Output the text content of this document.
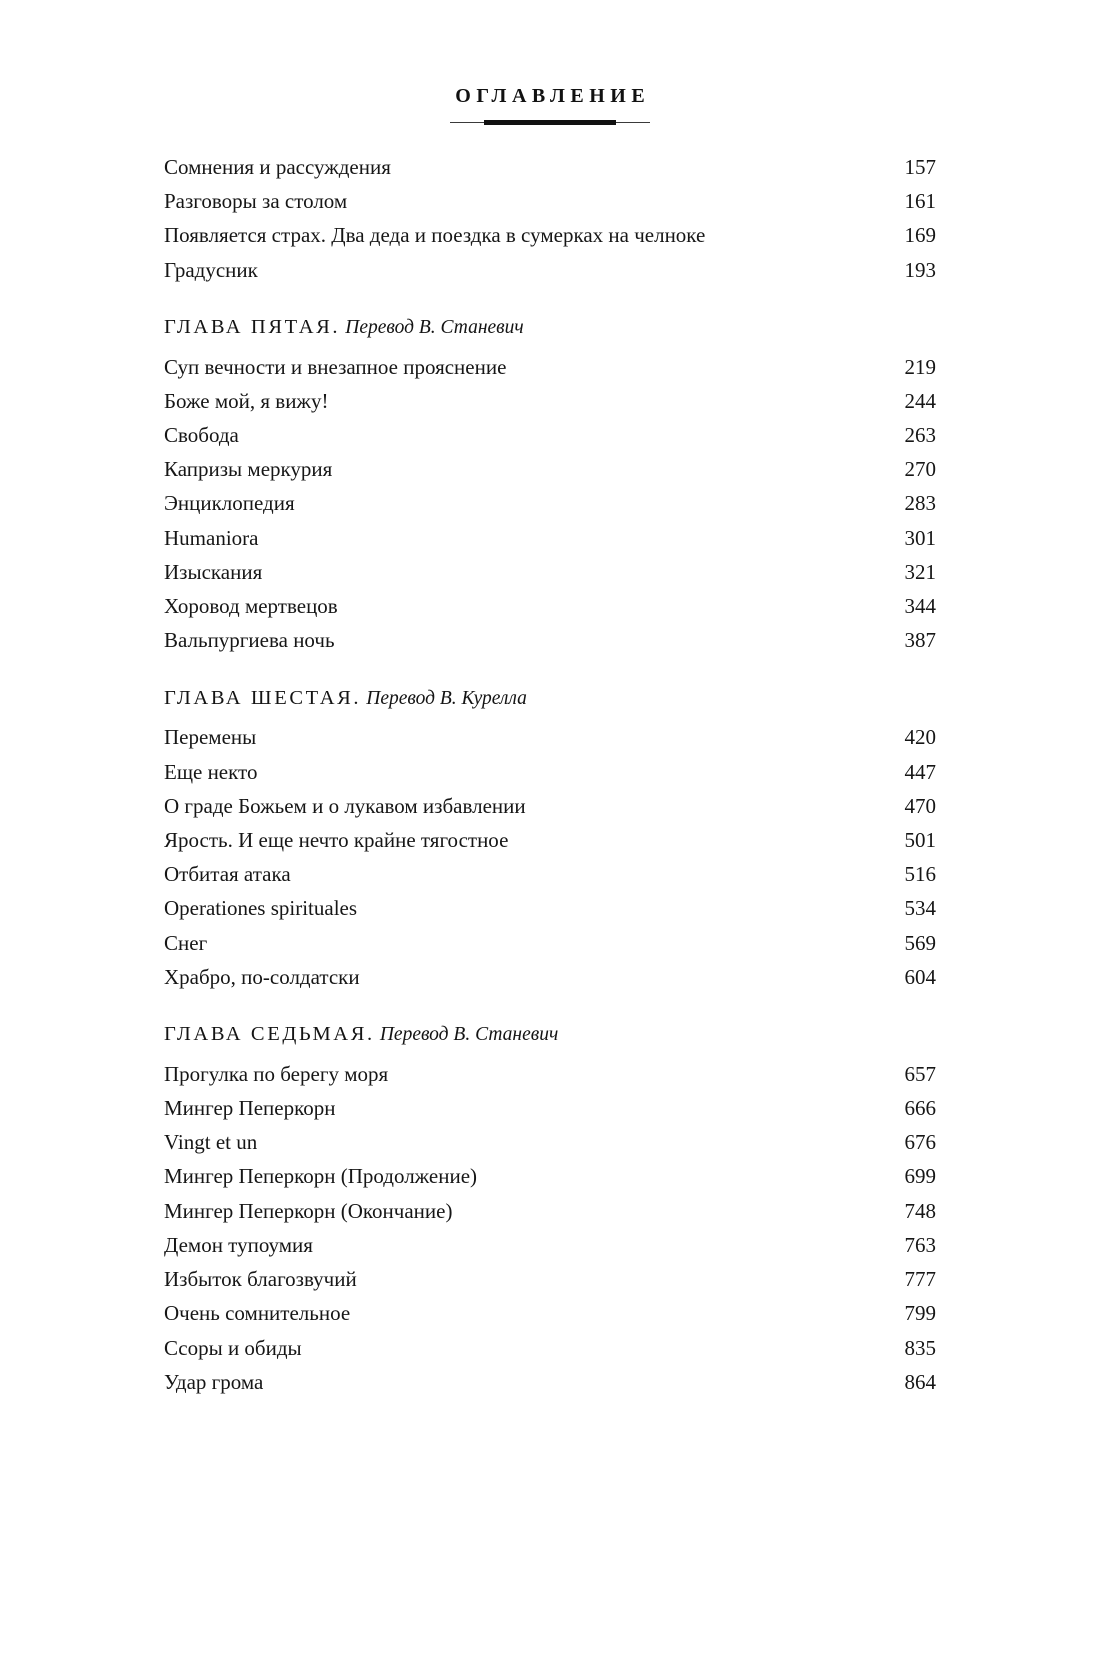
ОГЛАВЛЕНИЕ
Сомнения и рассуждения . . .	157
Разговоры за столом . . .	161
Появляется страх. Два деда и поездка в сумерках на челноке . . .	169
Градусник . . .	193
ГЛАВА ПЯТАЯ. Перевод В. Станевич
Суп вечности и внезапное прояснение . . .	219
Боже мой, я вижу! . . .	244
Свобода . . .	263
Капризы меркурия . . .	270
Энциклопедия . . .	283
Humaniora . . .	301
Изыскания . . .	321
Хоровод мертвецов . . .	344
Вальпургиева ночь . . .	387
ГЛАВА ШЕСТАЯ. Перевод В. Курелла
Перемены . . .	420
Еще некто . . .	447
О граде Божьем и о лукавом избавлении . . .	470
Ярость. И еще нечто крайне тягостное . . .	501
Отбитая атака . . .	516
Operationes spirituales . . .	534
Снег . . .	569
Храбро, по-солдатски . . .	604
ГЛАВА СЕДЬМАЯ. Перевод В. Станевич
Прогулка по берегу моря . . .	657
Мингер Пеперкорн . . .	666
Vingt et un . . .	676
Мингер Пеперкорн (Продолжение) . . .	699
Мингер Пеперкорн (Окончание) . . .	748
Демон тупоумия . . .	763
Избыток благозвучий . . .	777
Очень сомнительное . . .	799
Ссоры и обиды . . .	835
Удар грома . . .	864
